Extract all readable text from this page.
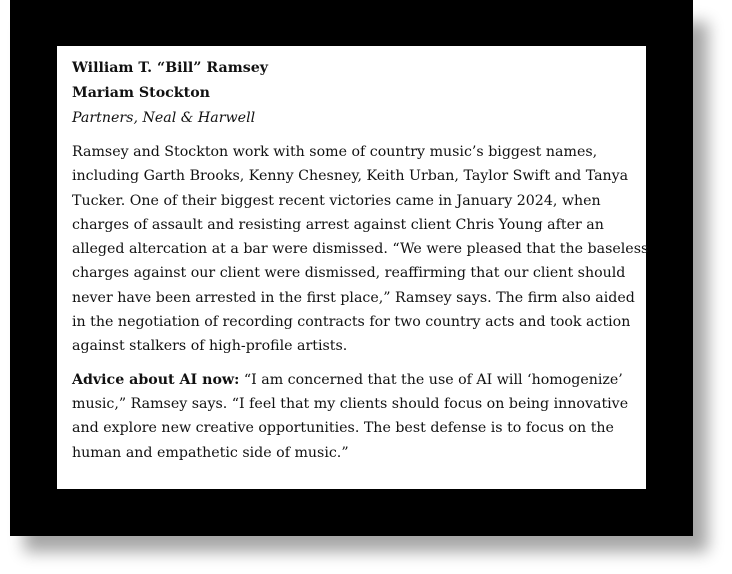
William T. “Bill” Ramsey

Mariam Stockton

Partners, Neal & Harwell

Ramsey and Stockton work with some of country music’s biggest names,
including Garth Brooks, Kenny Chesney, Keith Urban, Taylor Swift and Tanya
Tucker. One of their biggest recent victories came in January 2024, when
charges of assault and resisting arrest against client Chris Young after an
alleged altercation at a bar were dismissed. “We were pleased that the baseless
charges against our client were dismissed, reaffirming that our client should
never have been arrested in the first place,” Ramsey says. The firm also aided
in the negotiation of recording contracts for two country acts and took action
against stalkers of high-profile artists.

Advice about AI now: “I am concerned that the use of AI will ‘homogenize’
music,” Ramsey says. “I feel that my clients should focus on being innovative
and explore new creative opportunities. The best defense is to focus on the
human and empathetic side of music.”
